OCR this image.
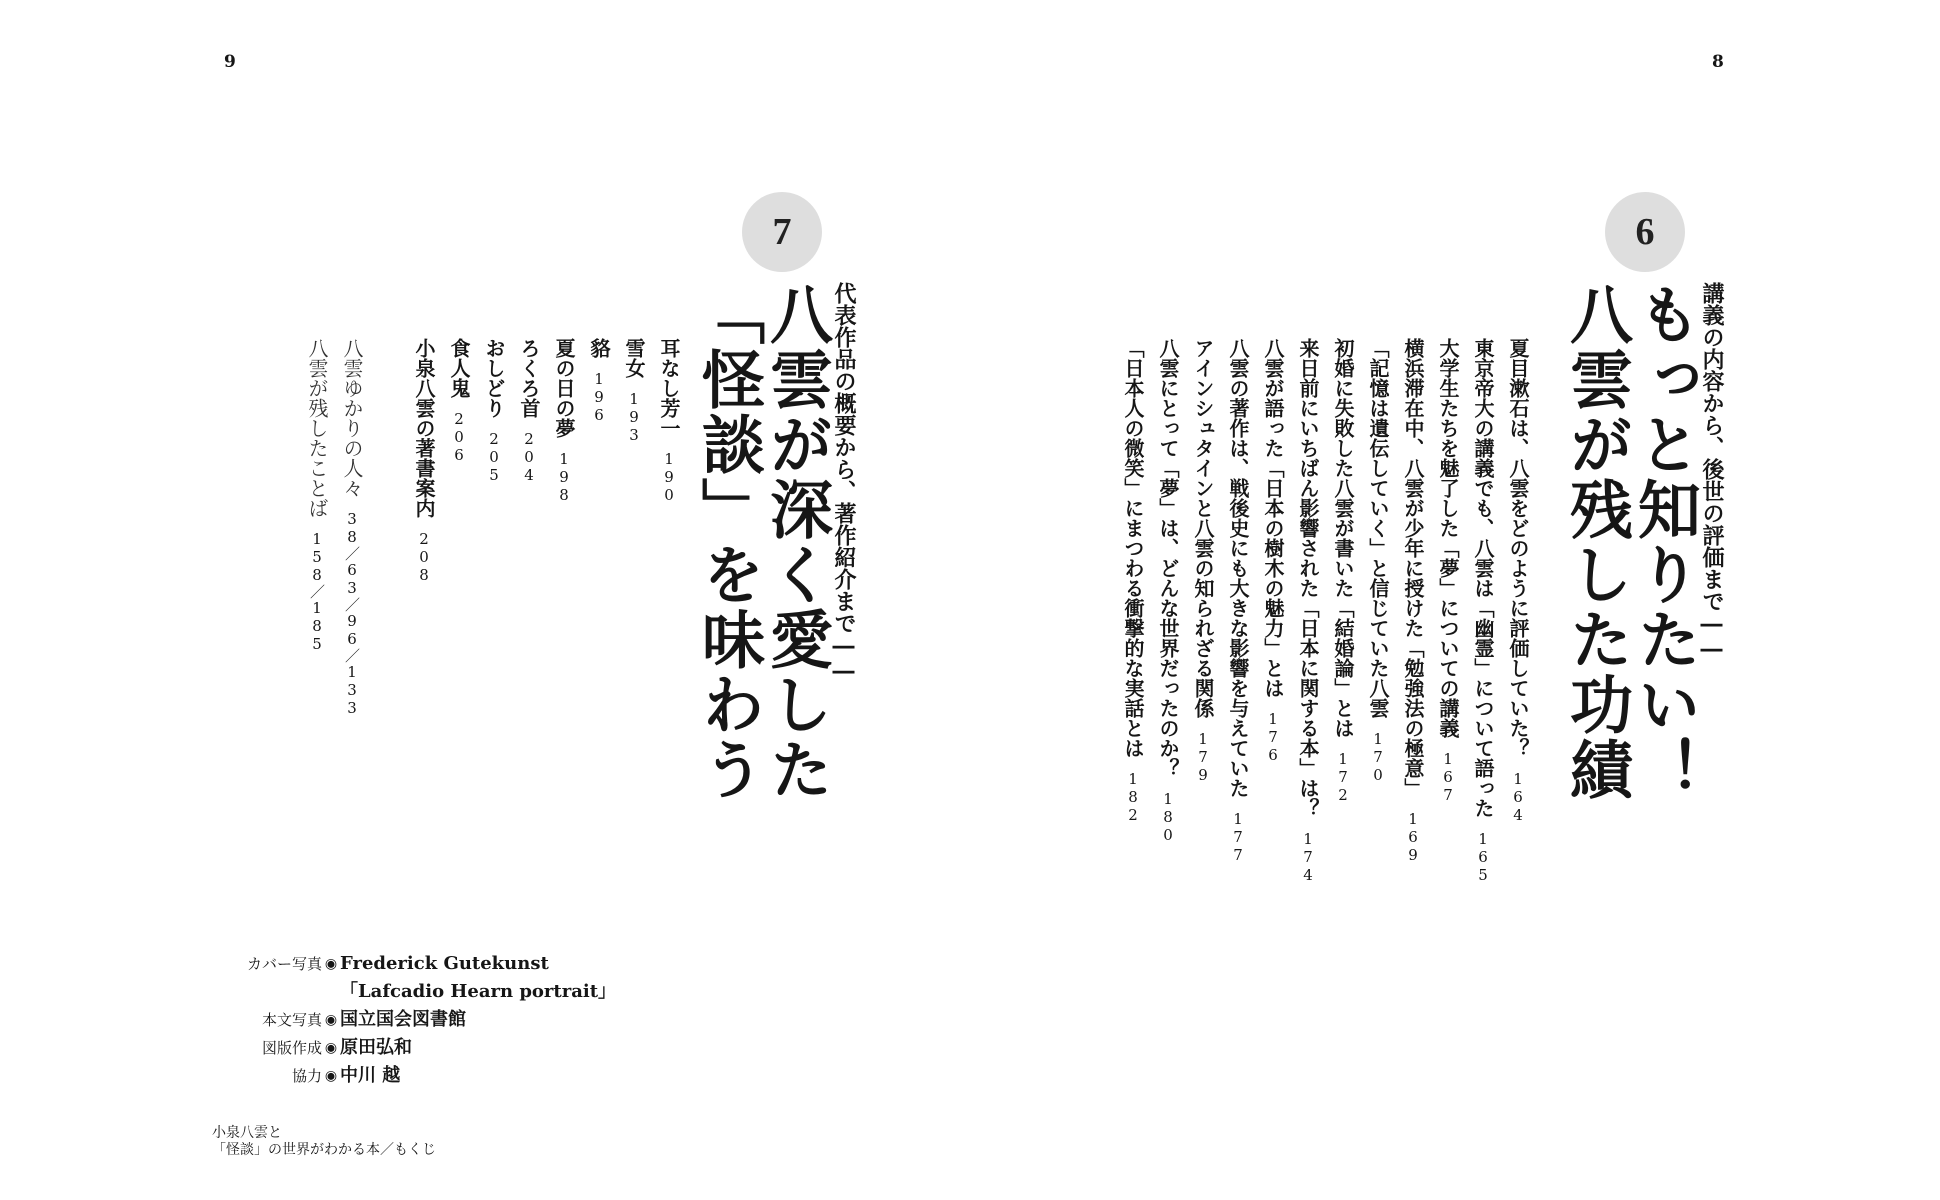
9	8
6
講義の内容から、後世の評価まで――
もっと知りたい！
八雲が残した功績
夏目漱石は、八雲をどのように評価していた？164
東京帝大の講義でも、八雲は「幽霊」について語った165
大学生たちを魅了した「夢」についての講義167
横浜滞在中、八雲が少年に授けた「勉強法の極意」169
「記憶は遺伝していく」と信じていた八雲170
初婚に失敗した八雲が書いた「結婚論」とは172
来日前にいちばん影響された「日本に関する本」は？174
八雲が語った「日本の樹木の魅力」とは176
八雲の著作は、戦後史にも大きな影響を与えていた177
アインシュタインと八雲の知られざる関係179
八雲にとって「夢」は、どんな世界だったのか？180
「日本人の微笑」にまつわる衝撃的な実話とは182
7
代表作品の概要から、著作紹介まで――
八雲が深く愛した
「怪談」を味わう
耳なし芳一190
雪女193
貉196
夏の日の夢198
ろくろ首204
おしどり205
食人鬼206
小泉八雲の著書案内208
八雲ゆかりの人々38／63／96／133
八雲が残したことば158／185
カバー写真 ◉ Frederick Gutekunst
「Lafcadio Hearn portrait」
本文写真 ◉ 国立国会図書館
図版作成 ◉ 原田弘和
協力 ◉ 中川 越
小泉八雲と
「怪談」の世界がわかる本／もくじ
